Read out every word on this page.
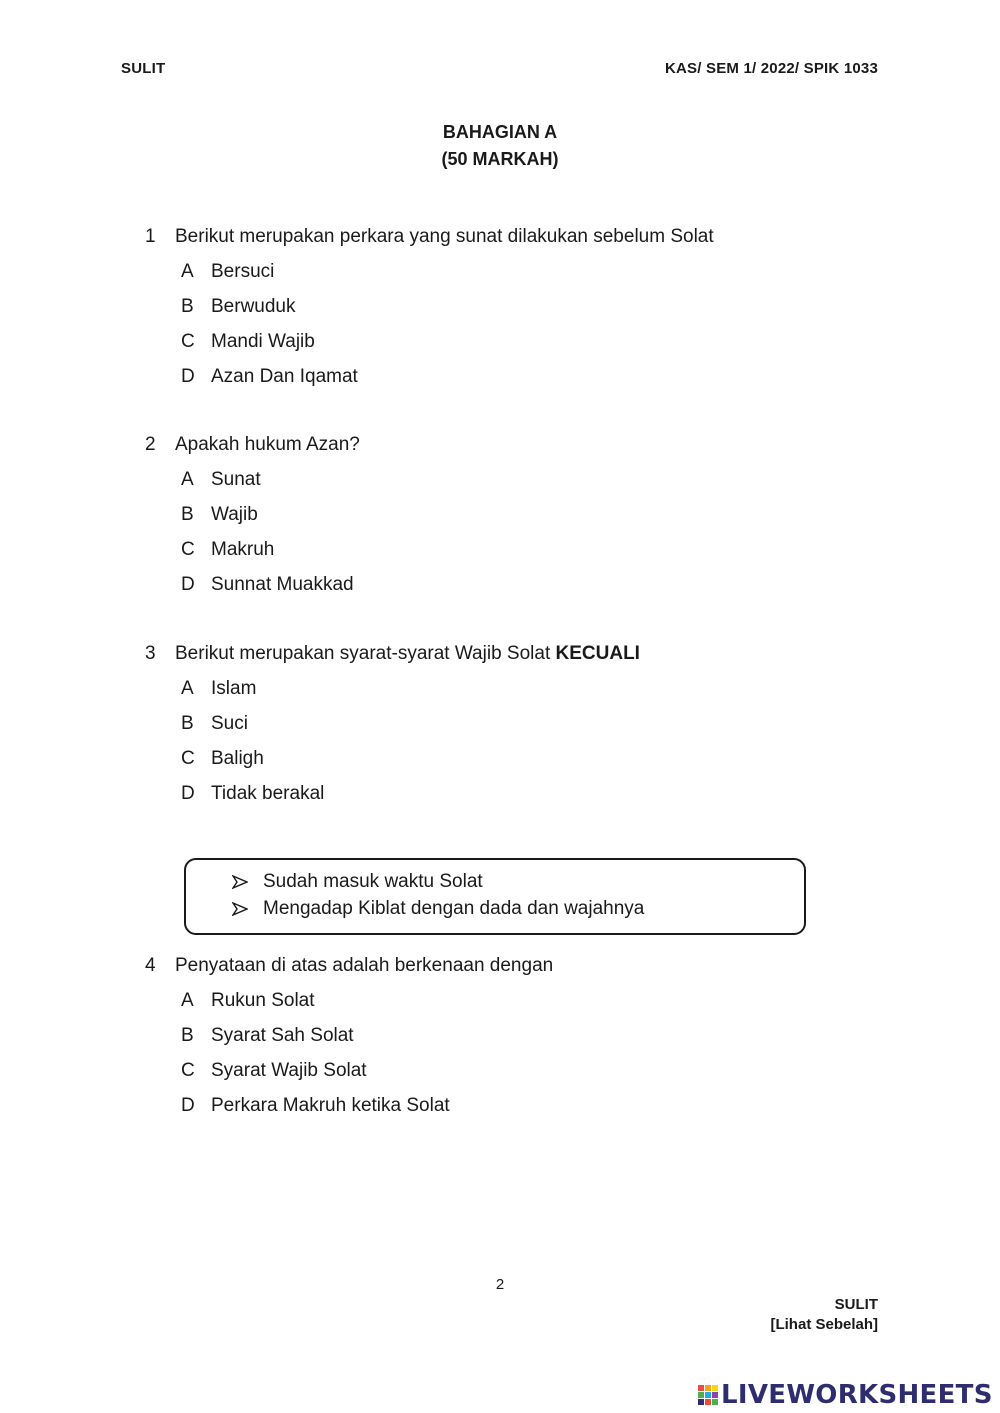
SULIT	KAS/ SEM 1/ 2022/ SPIK 1033
BAHAGIAN A
(50 MARKAH)
1	Berikut merupakan perkara yang sunat dilakukan sebelum Solat
A Bersuci
B Berwuduk
C Mandi Wajib
D Azan Dan Iqamat
2	Apakah hukum Azan?
A Sunat
B Wajib
C Makruh
D Sunnat Muakkad
3	Berikut merupakan syarat-syarat Wajib Solat KECUALI
A Islam
B Suci
C Baligh
D Tidak berakal
Sudah masuk waktu Solat
Mengadap Kiblat dengan dada dan wajahnya
4	Penyataan di atas adalah berkenaan dengan
A Rukun Solat
B Syarat Sah Solat
C Syarat Wajib Solat
D Perkara Makruh ketika Solat
2
SULIT
[Lihat Sebelah]
LIVEWORKSHEETS
